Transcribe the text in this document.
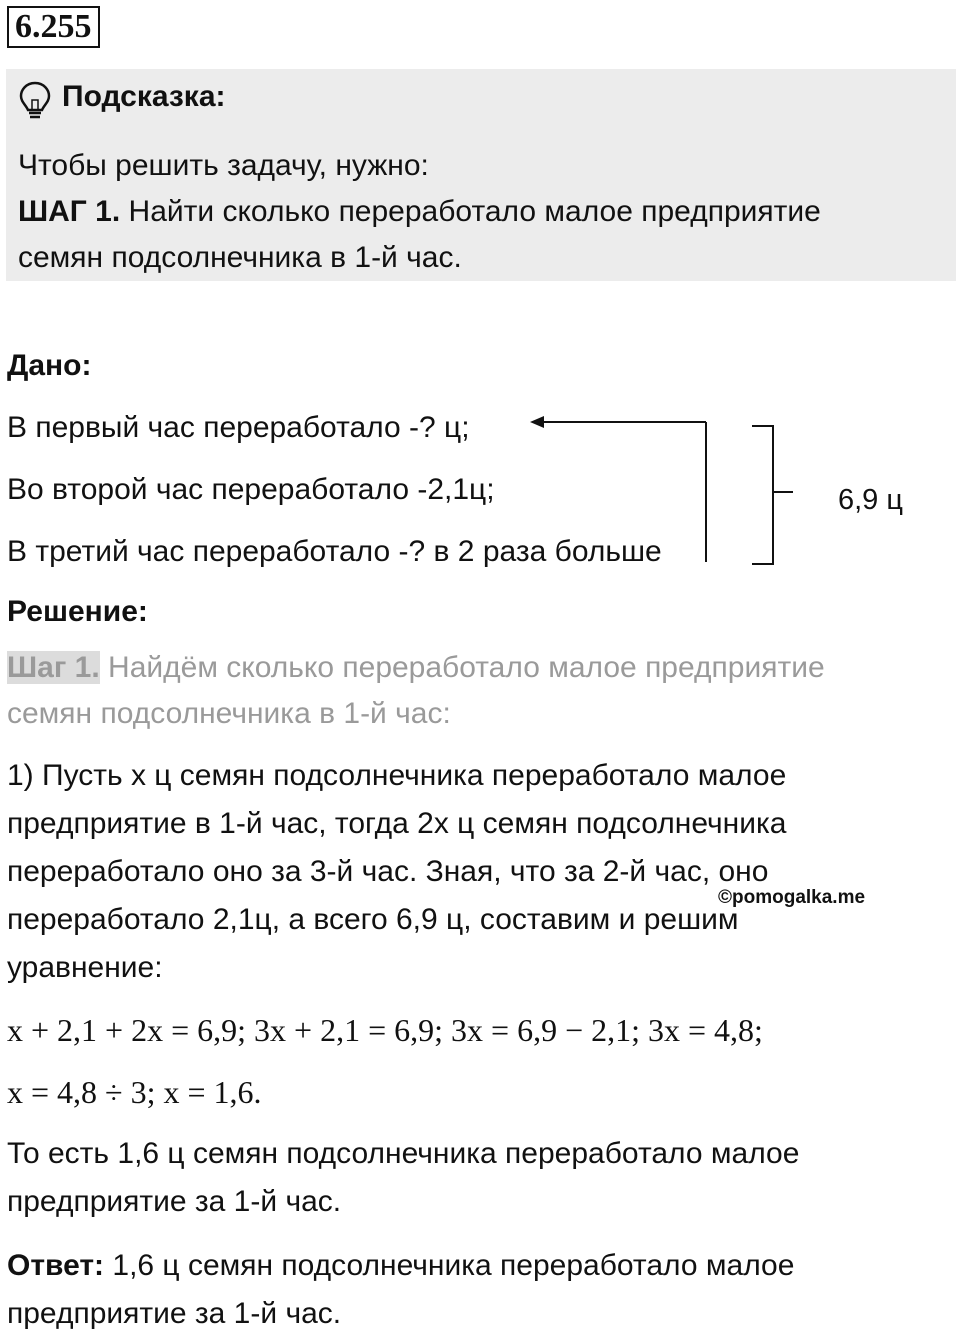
6.255
Подсказка:
Чтобы решить задачу, нужно:
ШАГ 1. Найти сколько переработало малое предприятие
семян подсолнечника в 1-й час.
Дано:
В первый час переработало -? ц;
Во второй час переработало -2,1ц;
В третий час переработало -? в 2 раза больше
6,9 ц
Решение:
Шаг 1. Найдём сколько переработало малое предприятие
семян подсолнечника в 1-й час:
1) Пусть x ц семян подсолнечника переработало малое
предприятие в 1-й час, тогда 2x ц семян подсолнечника
переработало оно за 3-й час. Зная, что за 2-й час, оно
переработало 2,1ц, а всего 6,9 ц, составим и решим
уравнение:
©pomogalka.me
x + 2,1 + 2x = 6,9; 3x + 2,1 = 6,9; 3x = 6,9 − 2,1; 3x = 4,8;
x = 4,8 ÷ 3; x = 1,6.
То есть 1,6 ц семян подсолнечника переработало малое
предприятие за 1-й час.
Ответ: 1,6 ц семян подсолнечника переработало малое
предприятие за 1-й час.
